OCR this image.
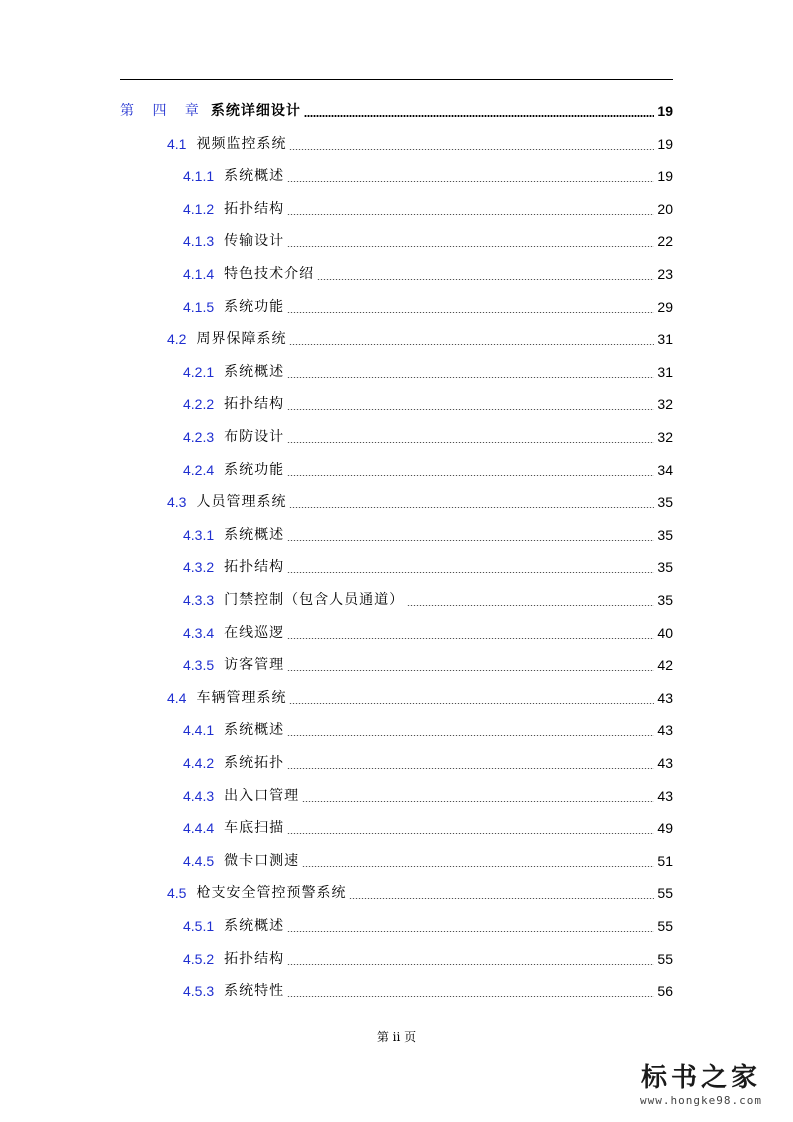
第 四 章 系统详细设计	19
4.1 视频监控系统	19
4.1.1 系统概述	19
4.1.2 拓扑结构	20
4.1.3 传输设计	22
4.1.4 特色技术介绍	23
4.1.5 系统功能	29
4.2 周界保障系统	31
4.2.1 系统概述	31
4.2.2 拓扑结构	32
4.2.3 布防设计	32
4.2.4 系统功能	34
4.3 人员管理系统	35
4.3.1 系统概述	35
4.3.2 拓扑结构	35
4.3.3 门禁控制（包含人员通道）	35
4.3.4 在线巡逻	40
4.3.5 访客管理	42
4.4 车辆管理系统	43
4.4.1 系统概述	43
4.4.2 系统拓扑	43
4.4.3 出入口管理	43
4.4.4 车底扫描	49
4.4.5 微卡口测速	51
4.5 枪支安全管控预警系统	55
4.5.1 系统概述	55
4.5.2 拓扑结构	55
4.5.3 系统特性	56
第 ii 页
标书之家
www.hongke98.com
